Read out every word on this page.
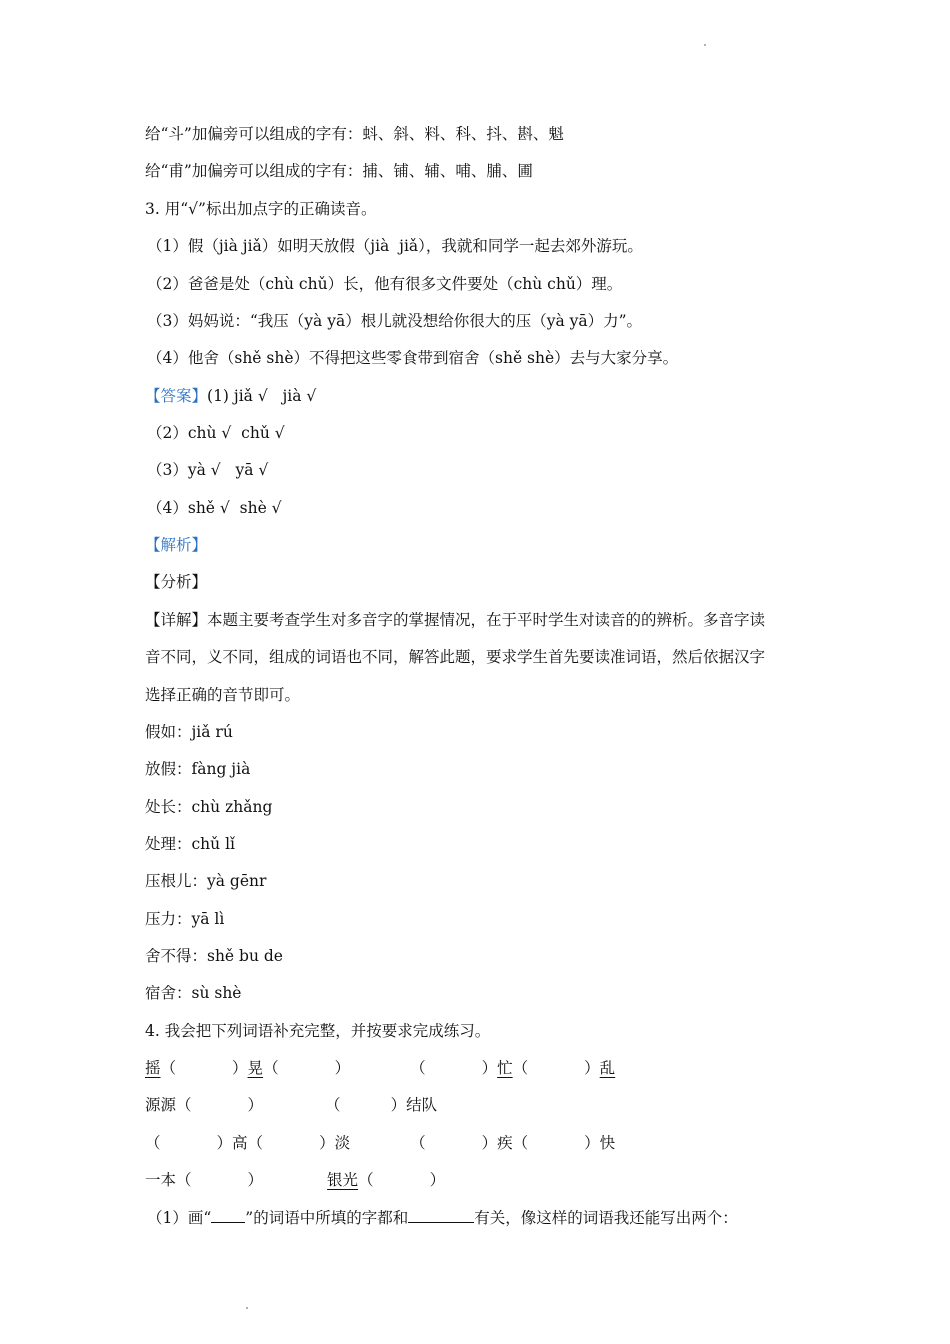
给“斗”加偏旁可以组成的字有：蚪、斜、料、科、抖、斟、魁
给“甫”加偏旁可以组成的字有：捕、铺、辅、哺、脯、圃
3. 用“√”标出加点字的正确读音。
（1）假（jià jiǎ）如明天放假（jià  jiǎ），我就和同学一起去郊外游玩。
（2）爸爸是处（chù chǔ）长，他有很多文件要处（chù chǔ）理。
（3）妈妈说：“我压（yà yā）根儿就没想给你很大的压（yà yā）力”。
（4）他舍（shě shè）不得把这些零食带到宿舍（shě shè）去与大家分享。
【答案】(1) jiǎ √   jià √
（2）chù √  chǔ √
（3）yà √   yā √
（4）shě √  shè √
【解析】
【分析】
【详解】本题主要考查学生对多音字的掌握情况，在于平时学生对读音的的辨析。多音字读
音不同，义不同，组成的词语也不同，解答此题，要求学生首先要读准词语，然后依据汉字
选择正确的音节即可。
假如：jiǎ rú
放假：fàng jià
处长：chù zhǎng
处理：chǔ lǐ
压根儿：yà gēnr
压力：yā lì
舍不得：shě bu de
宿舍：sù shè
4. 我会把下列词语补充完整，并按要求完成练习。
摇（	）晃（	）	（	）忙（	）乱
源源（	）	（	）结队
（	）高（	）淡	（	）疾（	）快
一本（	）	银光（	）
（1）画“ ”的词语中所填的字都和	有关，像这样的词语我还能写出两个：
